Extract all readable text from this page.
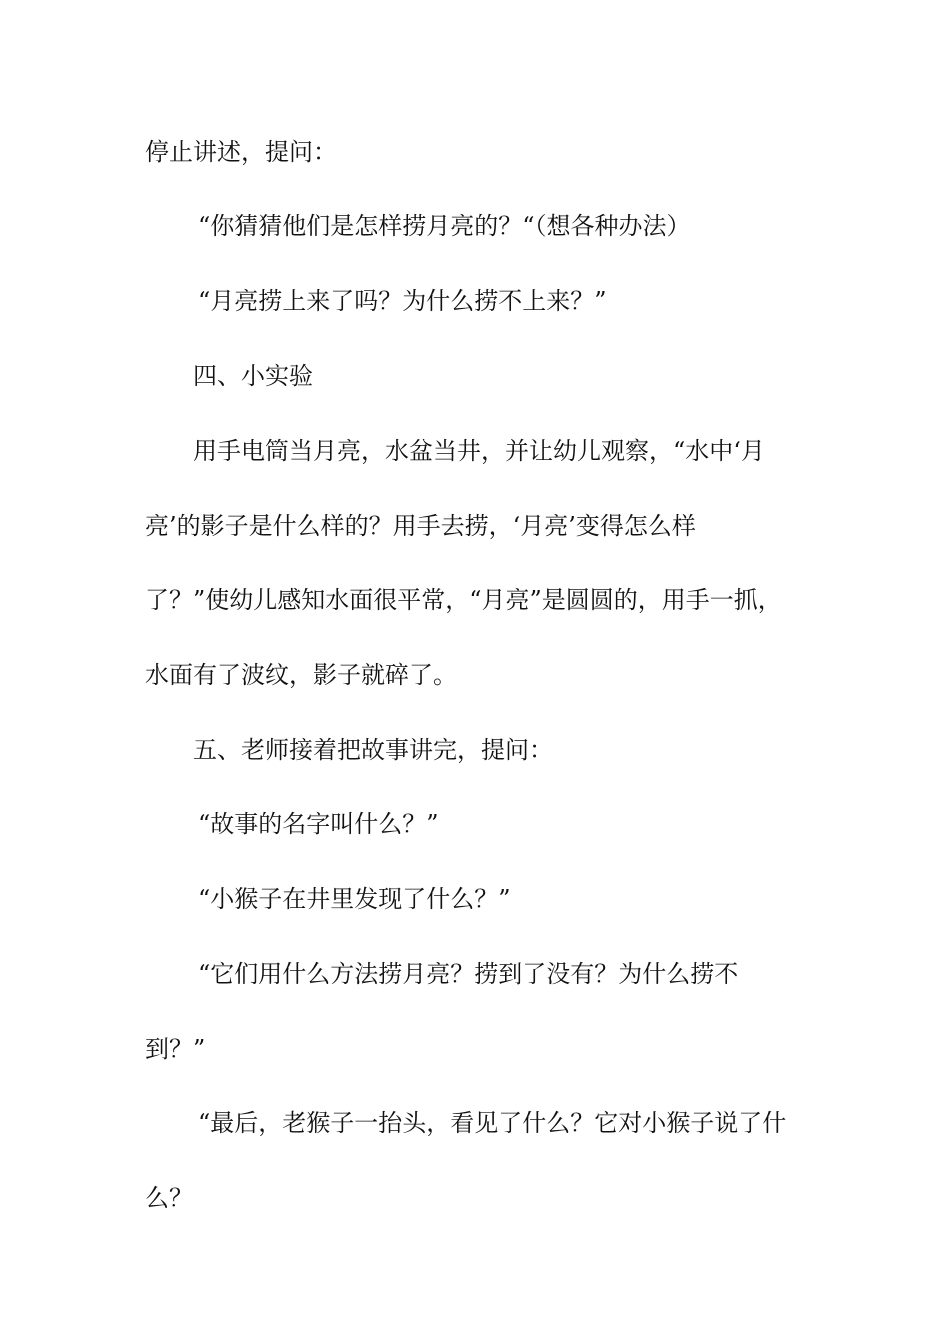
停止讲述，提问：
“你猜猜他们是怎样捞月亮的？“（想各种办法）
“月亮捞上来了吗？为什么捞不上来？”
四、小实验
用手电筒当月亮，水盆当井，并让幼儿观察，“水中‘月
亮’的影子是什么样的？用手去捞，‘月亮’变得怎么样
了？”使幼儿感知水面很平常，“月亮”是圆圆的，用手一抓，
水面有了波纹，影子就碎了。
五、老师接着把故事讲完，提问：
“故事的名字叫什么？”
“小猴子在井里发现了什么？”
“它们用什么方法捞月亮？捞到了没有？为什么捞不
到？”
“最后，老猴子一抬头，看见了什么？它对小猴子说了什
么？
